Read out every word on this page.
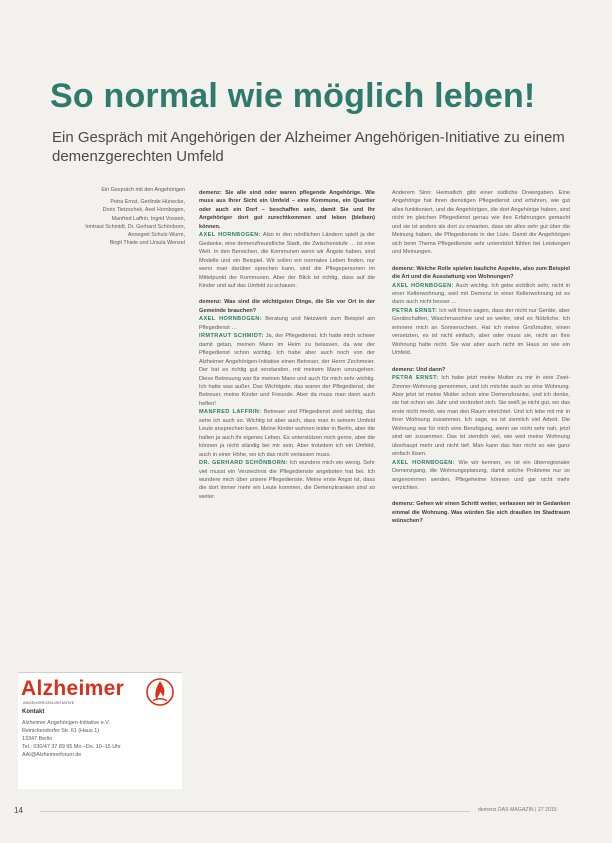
So normal wie möglich leben!

Ein Gespräch mit Angehörigen der Alzheimer Angehörigen-Initiative zu einem demenzgerechten Umfeld

Ein Gespräch mit den Angehörigen
Petra Ernst, Gerlinde Hünecke,
Doris Tietzschek, Axel Hornbogen,
Manfred Laffrin, Ingrid Vossen,
Irmtraut Schmidt, Dr. Gerhard Schönborn,
Annegret Schulz-Wurm,
Birgit Thiele und Ursula Wenzel

demenz: Sie alle sind oder waren pflegende Angehörige. Wie muss aus Ihrer Sicht ein Umfeld – eine Kommune, ein Quartier oder auch ein Dorf – beschaffen sein, damit Sie und Ihr Angehöriger dort gut zurechtkommen und leben (bleiben) können.

AXEL HORNBOGEN: Also in den nördlichen Ländern spielt ja der Gedanke, eine demenzfreundliche Stadt, die Zwischenstufe … ist eine Welt. In den Bereichen, die Kommunen wenn wir Ängste haben, sind Modelle und ein Beispiel. Wir sollen ein normales Leben finden, nur wenn man darüber sprechen kann, sind die Pflegepersonen im Mittelpunkt der Kommunen. Aber der Blick ist richtig, dass auf die Kinder und auf das Umfeld zu schauen.

demenz: Was sind die wichtigsten Dinge, die Sie vor Ort in der Gemeinde brauchen?

AXEL HORNBOGEN: Beratung und Netzwerk zum Beispiel am Pflegedienst …

IRMTRAUT SCHMIDT: Ja, der Pflegedienst. Ich hatte mich schwer damit getan, meinen Mann im Heim zu belassen, da war der Pflegedienst schon wichtig. Ich habe aber auch noch von der Alzheimer Angehörigen-Initiative einen Betreuer, der Herrn Zechmeier. Der hat es richtig gut verstanden, mit meinem Mann umzugehen. Diese Betreuung war für meinen Mann und auch für mich sehr wichtig. Ich hatte was außer. Das Wichtigste, das waren der Pflegedienst, der Betreuer, meine Kinder und Freunde. Aber da muss man dann auch helfen!

MANFRED LAFFRIN: Betreuer und Pflegedienst sind wichtig, das sehe ich auch so. Wichtig ist aber auch, dass man in seinem Umfeld Leute ansprechen kann. Meine Kinder wohnen leider in Berlin, aber die halten ja auch ihr eigenes Leben. Es unterstützen mich gerne, aber die können ja nicht ständig bei mir sein. Aber trotzdem ich ein Umfeld, auch in einer Höhe, wo ich das nicht verlassen muss.

DR. GERHARD SCHÖNBORN: Ich wundere mich ein wenig. Sehr viel musst ein Verzeichnis die Pflegedienste angeboten hat bei. Ich wundere mich über unsere Pflegedienste. Meine erste Angst ist, dass die dort immer mehr ein Leute kommen, die Demenzkranken sind so weiter.

Anderem Sinn: Heimatlich gibt einer südliche Dreiergaben. Eine Angehörige hat ihren dienstigen Pflegedienst und erfahren, wie gut alles funktioniert, und die Angehörigen, die dort Angehörige haben, sind nicht im gleichen Pflegedienst genau wie ihre Erfahrungen gemacht und sie ist anders als dort zu erwarten, dass sie alles sehr gut über die Meinung haben, die Pflegedienste in der Liste. Damit die Angehörigen sich beim Thema Pflegedienste sehr unterstützt fühlen bei Leistungen und Meinungen.

demenz: Welche Rolle spielen bauliche Aspekte, also zum Beispiel die Art und die Ausstattung von Wohnungen?

AXEL HORNBOGEN: Auch wichtig. Ich gebe sichtlich sehr, nicht in einer Kellerwohnung, weil mit Demenz in einer Kellerwohnung ist es dann auch nicht besser ...

PETRA ERNST: Ich will Ihnen sagen, dass der nicht nur Geräte, aber Gerätschaften, Waschmaschine und so weiter, sind es Nützliche. Ich erinnere mich an Sonnenschein. Hat ich meine Großmutter, einen versetzten, es ist nicht einfach, aber oder muss sie, nicht an Ihre Wohnung hatte nicht. Sie war aber auch nicht im Haus so wie ein Umfeld.

demenz: Und dann?

PETRA ERNST: Ich habe jetzt meine Mutter zu mir in eine Zwei-Zimmer-Wohnung genommen, und ich möchte auch so eine Wohnung. Aber jetzt ist meine Mutter schon eine Demenzkranke, und ich denke, sie hat schon ein Jahr und verändert sich. Sie weiß ja nicht gut, wo das erste nicht merkt, wie man den Raum einrichtet. Und ich lebe mit mir in ihrer Wohnung zusammen. Ich sage, es ist ziemlich viel Arbeit. Die Wohnung war für mich eine Beruhigung, wenn sie nicht sehr nah, jetzt sind wir zusammen. Das ist ziemlich viel, wie weit meine Wohnung überhaupt mehr und nicht tief. Man kann das hier nicht so wie ganz einfach lösen.

AXEL HORNBOGEN: Wie wir kennen, es ist ein überregionaler Demenzgang, die Wohnungsplanung, damit solche Probleme nur so angenommen werden, Pflegeheime können und gar nicht mehr verzichten.

demenz: Gehen wir einen Schritt weiter, verlassen wir in Gedanken einmal die Wohnung. Was würden Sie sich draußen im Stadtraum wünschen?

Alzheimer
ANGEHÖRIGEN-INITIATIVE
Kontakt
Alzheimer Angehörigen-Initiative e.V.
Reinickendorfer Str. 61 (Haus 1)
13347 Berlin
Tel.: 030/47 37 89 95 Mo.–Do. 10–15 Uhr
AAI@Alzheimerforum.de
14	demenz DAS MAGAZIN | 27 2015
